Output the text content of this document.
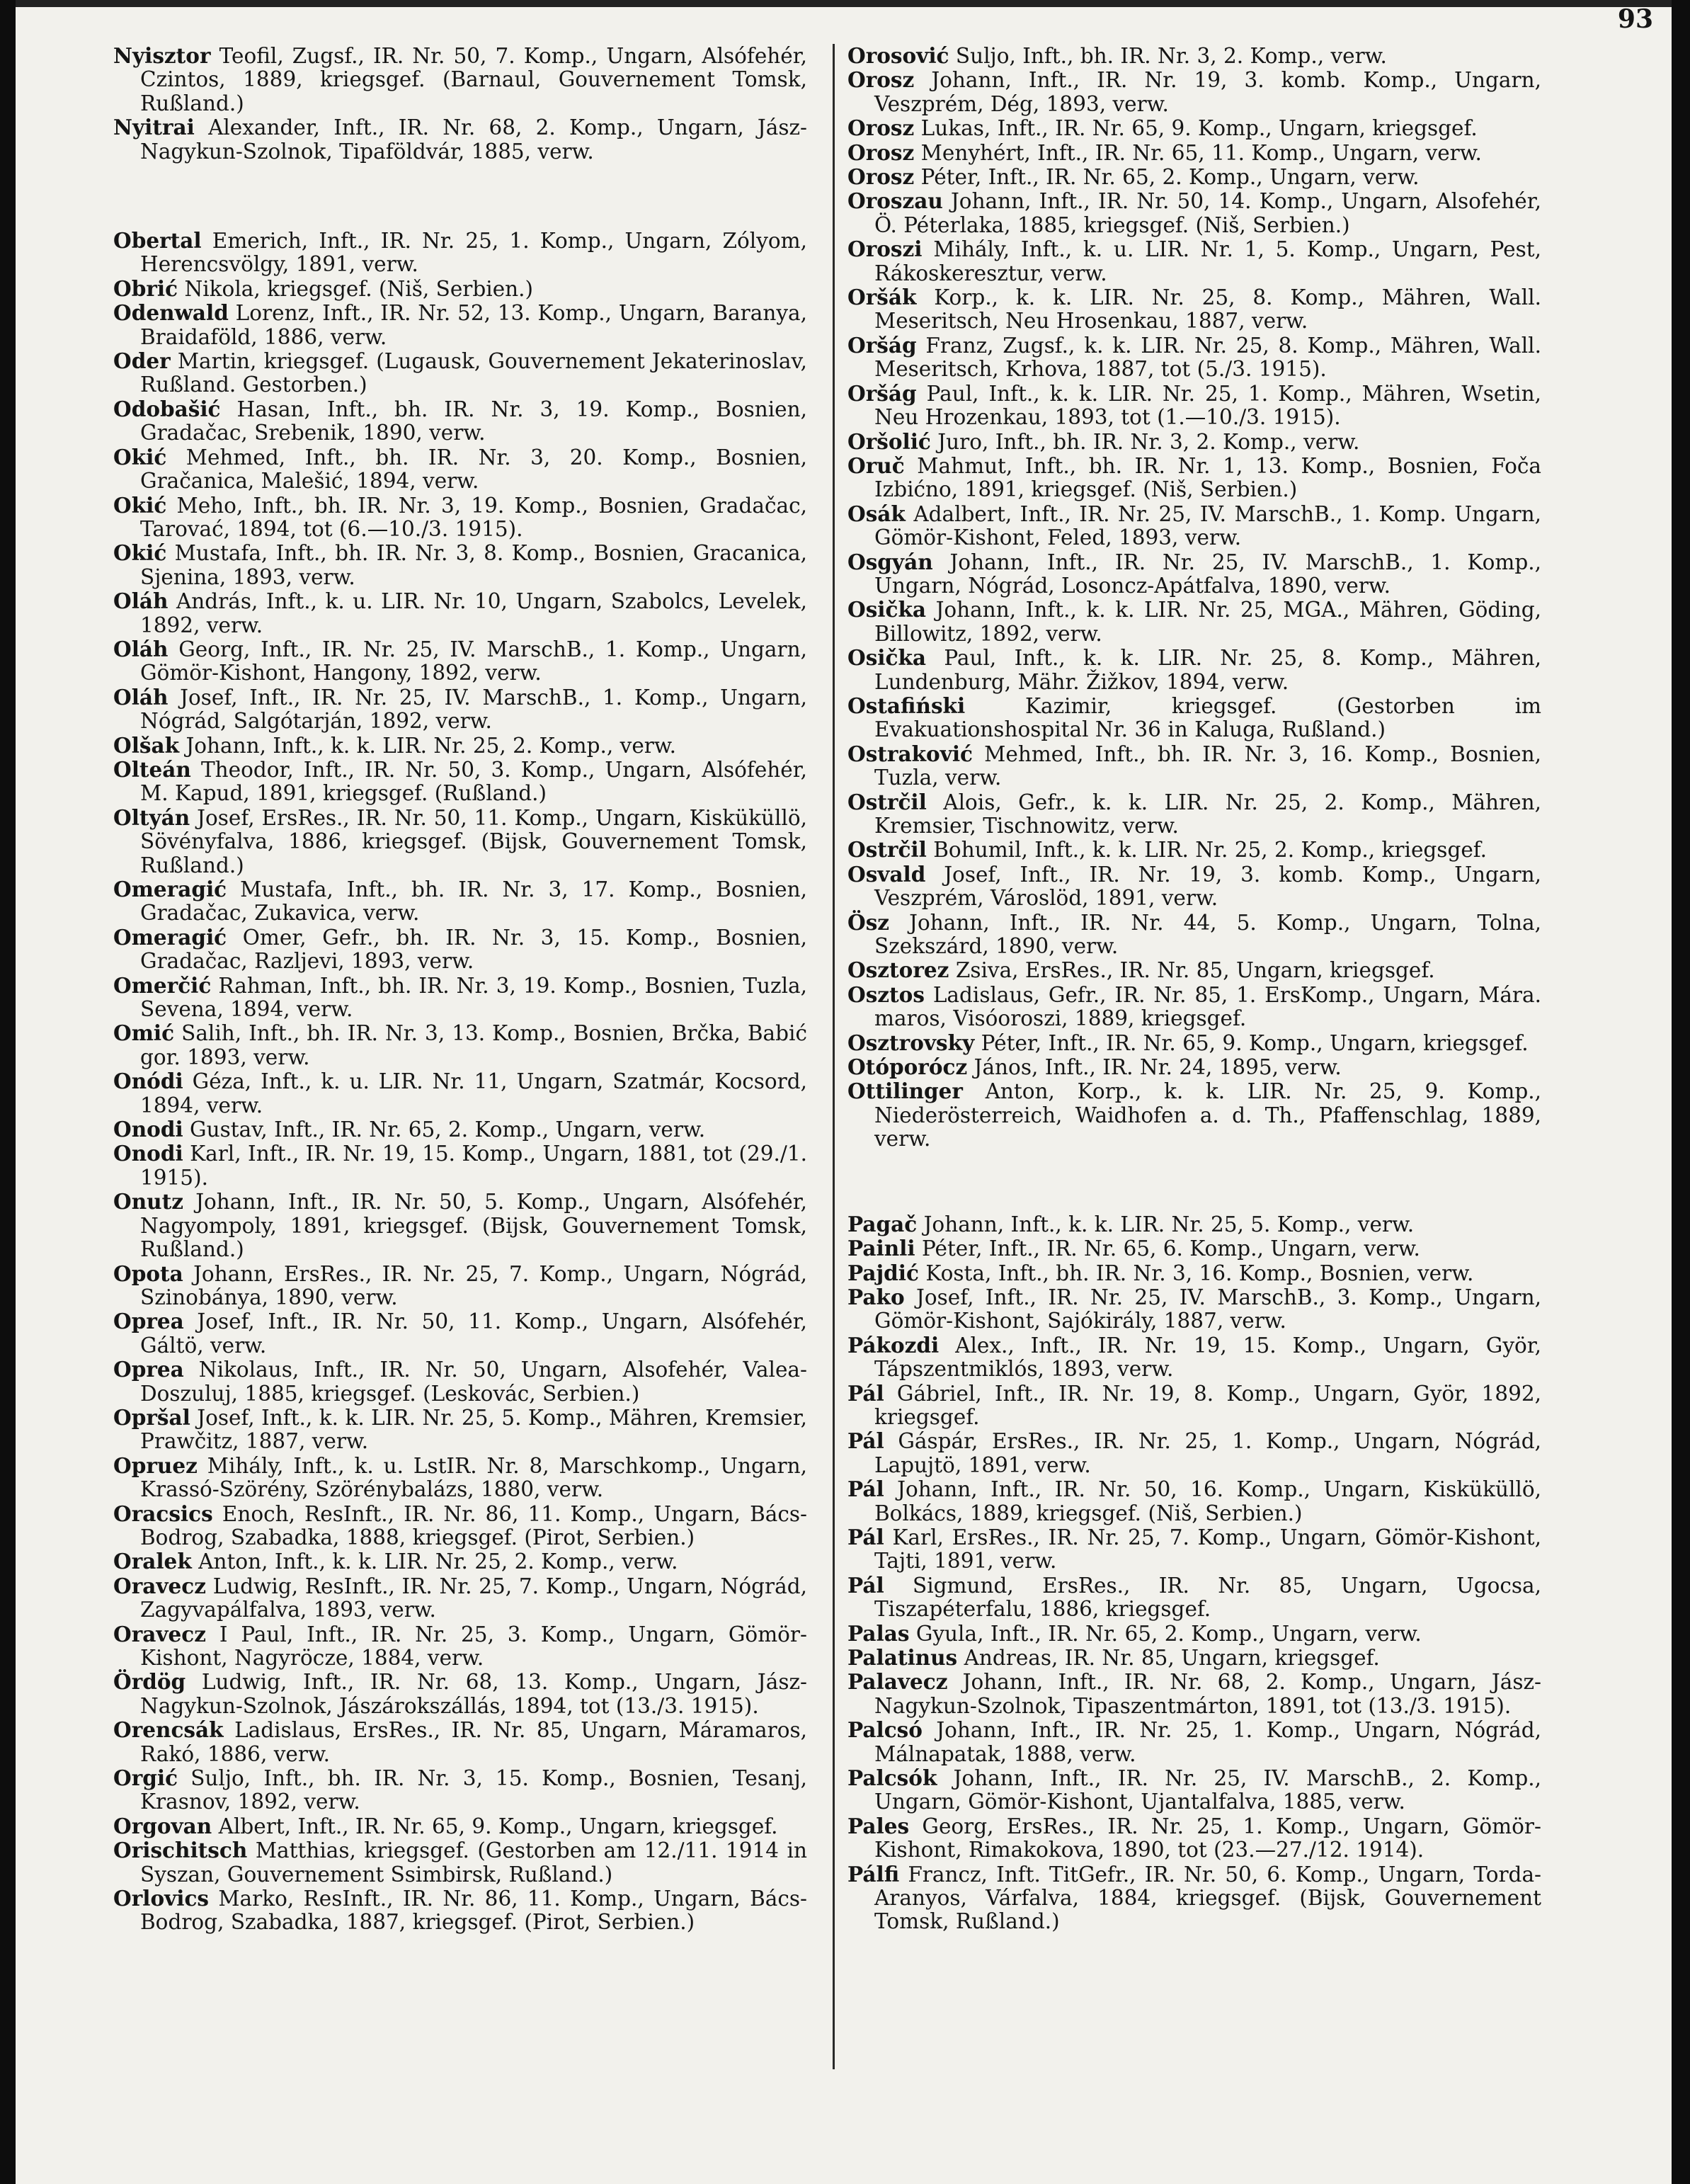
93

Nyisztor Teofil, Zugsf., IR. Nr. 50, 7. Komp., Ungarn, Alsófehér, Czintos, 1889, kriegsgef. (Barnaul, Gouvernement Tomsk, Rußland.)

Nyitrai Alexander, Inft., IR. Nr. 68, 2. Komp., Ungarn, Jász-Nagykun-Szolnok, Tipaföldvár, 1885, verw.

Obertal Emerich, Inft., IR. Nr. 25, 1. Komp., Ungarn, Zólyom, Herencsvölgy, 1891, verw.

Obrić Nikola, kriegsgef. (Niš, Serbien.)

Odenwald Lorenz, Inft., IR. Nr. 52, 13. Komp., Ungarn, Baranya, Braidaföld, 1886, verw.

Oder Martin, kriegsgef. (Lugausk, Gouvernement Jekaterinoslav, Rußland. Gestorben.)

Odobašić Hasan, Inft., bh. IR. Nr. 3, 19. Komp., Bosnien, Gradačac, Srebenik, 1890, verw.

Okić Mehmed, Inft., bh. IR. Nr. 3, 20. Komp., Bosnien, Gračanica, Malešić, 1894, verw.

Okić Meho, Inft., bh. IR. Nr. 3, 19. Komp., Bosnien, Gradačac, Tarovać, 1894, tot (6.—10./3. 1915).

Okić Mustafa, Inft., bh. IR. Nr. 3, 8. Komp., Bosnien, Gracanica, Sjenina, 1893, verw.

Oláh András, Inft., k. u. LIR. Nr. 10, Ungarn, Szabolcs, Levelek, 1892, verw.

Oláh Georg, Inft., IR. Nr. 25, IV. MarschB., 1. Komp., Ungarn, Gömör-Kishont, Hangony, 1892, verw.

Oláh Josef, Inft., IR. Nr. 25, IV. MarschB., 1. Komp., Ungarn, Nógrád, Salgótarján, 1892, verw.

Olšak Johann, Inft., k. k. LIR. Nr. 25, 2. Komp., verw.

Olteán Theodor, Inft., IR. Nr. 50, 3. Komp., Ungarn, Alsófehér, M. Kapud, 1891, kriegsgef. (Rußland.)

Oltyán Josef, ErsRes., IR. Nr. 50, 11. Komp., Ungarn, Kisküküllö, Sövényfalva, 1886, kriegsgef. (Bijsk, Gouvernement Tomsk, Rußland.)

Omeragić Mustafa, Inft., bh. IR. Nr. 3, 17. Komp., Bosnien, Gradačac, Zukavica, verw.

Omeragić Omer, Gefr., bh. IR. Nr. 3, 15. Komp., Bosnien, Gradačac, Razljevi, 1893, verw.

Omerčić Rahman, Inft., bh. IR. Nr. 3, 19. Komp., Bosnien, Tuzla, Sevena, 1894, verw.

Omić Salih, Inft., bh. IR. Nr. 3, 13. Komp., Bosnien, Brčka, Babić gor. 1893, verw.

Onódi Géza, Inft., k. u. LIR. Nr. 11, Ungarn, Szatmár, Kocsord, 1894, verw.

Onodi Gustav, Inft., IR. Nr. 65, 2. Komp., Ungarn, verw.

Onodi Karl, Inft., IR. Nr. 19, 15. Komp., Ungarn, 1881, tot (29./1. 1915).

Onutz Johann, Inft., IR. Nr. 50, 5. Komp., Ungarn, Alsófehér, Nagyompoly, 1891, kriegsgef. (Bijsk, Gouvernement Tomsk, Rußland.)

Opota Johann, ErsRes., IR. Nr. 25, 7. Komp., Ungarn, Nógrád, Szinobánya, 1890, verw.

Oprea Josef, Inft., IR. Nr. 50, 11. Komp., Ungarn, Alsófehér, Gáltö, verw.

Oprea Nikolaus, Inft., IR. Nr. 50, Ungarn, Alsofehér, Valea-Doszuluj, 1885, kriegsgef. (Leskovác, Serbien.)

Opršal Josef, Inft., k. k. LIR. Nr. 25, 5. Komp., Mähren, Kremsier, Prawčitz, 1887, verw.

Opruez Mihály, Inft., k. u. LstIR. Nr. 8, Marschkomp., Ungarn, Krassó-Szörény, Szörénybalázs, 1880, verw.

Oracsics Enoch, ResInft., IR. Nr. 86, 11. Komp., Ungarn, Bács-Bodrog, Szabadka, 1888, kriegsgef. (Pirot, Serbien.)

Oralek Anton, Inft., k. k. LIR. Nr. 25, 2. Komp., verw.

Oravecz Ludwig, ResInft., IR. Nr. 25, 7. Komp., Ungarn, Nógrád, Zagyvapálfalva, 1893, verw.

Oravecz I Paul, Inft., IR. Nr. 25, 3. Komp., Ungarn, Gömör-Kishont, Nagyröcze, 1884, verw.

Ördög Ludwig, Inft., IR. Nr. 68, 13. Komp., Ungarn, Jász-Nagykun-Szolnok, Jászárokszállás, 1894, tot (13./3. 1915).

Orencsák Ladislaus, ErsRes., IR. Nr. 85, Ungarn, Máramaros, Rakó, 1886, verw.

Orgić Suljo, Inft., bh. IR. Nr. 3, 15. Komp., Bosnien, Tesanj, Krasnov, 1892, verw.

Orgovan Albert, Inft., IR. Nr. 65, 9. Komp., Ungarn, kriegsgef.

Orischitsch Matthias, kriegsgef. (Gestorben am 12./11. 1914 in Syszan, Gouvernement Ssimbirsk, Rußland.)

Orlovics Marko, ResInft., IR. Nr. 86, 11. Komp., Ungarn, Bács-Bodrog, Szabadka, 1887, kriegsgef. (Pirot, Serbien.)

Orosović Suljo, Inft., bh. IR. Nr. 3, 2. Komp., verw.

Orosz Johann, Inft., IR. Nr. 19, 3. komb. Komp., Ungarn, Veszprém, Dég, 1893, verw.

Orosz Lukas, Inft., IR. Nr. 65, 9. Komp., Ungarn, kriegsgef.

Orosz Menyhért, Inft., IR. Nr. 65, 11. Komp., Ungarn, verw.

Orosz Péter, Inft., IR. Nr. 65, 2. Komp., Ungarn, verw.

Oroszau Johann, Inft., IR. Nr. 50, 14. Komp., Ungarn, Alsofehér, Ö. Péterlaka, 1885, kriegsgef. (Niš, Serbien.)

Oroszi Mihály, Inft., k. u. LIR. Nr. 1, 5. Komp., Ungarn, Pest, Rákoskeresztur, verw.

Oršák Korp., k. k. LIR. Nr. 25, 8. Komp., Mähren, Wall. Meseritsch, Neu Hrosenkau, 1887, verw.

Oršág Franz, Zugsf., k. k. LIR. Nr. 25, 8. Komp., Mähren, Wall. Meseritsch, Krhova, 1887, tot (5./3. 1915).

Oršág Paul, Inft., k. k. LIR. Nr. 25, 1. Komp., Mähren, Wsetin, Neu Hrozenkau, 1893, tot (1.—10./3. 1915).

Oršolić Juro, Inft., bh. IR. Nr. 3, 2. Komp., verw.

Oruč Mahmut, Inft., bh. IR. Nr. 1, 13. Komp., Bosnien, Foča Izbićno, 1891, kriegsgef. (Niš, Serbien.)

Osák Adalbert, Inft., IR. Nr. 25, IV. MarschB., 1. Komp. Ungarn, Gömör-Kishont, Feled, 1893, verw.

Osgyán Johann, Inft., IR. Nr. 25, IV. MarschB., 1. Komp., Ungarn, Nógrád, Losoncz-Apátfalva, 1890, verw.

Osička Johann, Inft., k. k. LIR. Nr. 25, MGA., Mähren, Göding, Billowitz, 1892, verw.

Osička Paul, Inft., k. k. LIR. Nr. 25, 8. Komp., Mähren, Lundenburg, Mähr. Žižkov, 1894, verw.

Ostafiński	Kazimir, kriegsgef. (Gestorben im Evakuationshospital Nr. 36 in Kaluga, Rußland.)

Ostraković Mehmed, Inft., bh. IR. Nr. 3, 16. Komp., Bosnien, Tuzla, verw.

Ostrčil Alois, Gefr., k. k. LIR. Nr. 25, 2. Komp., Mähren, Kremsier, Tischnowitz, verw.

Ostrčil Bohumil, Inft., k. k. LIR. Nr. 25, 2. Komp., kriegsgef.

Osvald Josef, Inft., IR. Nr. 19, 3. komb. Komp., Ungarn, Veszprém, Városlöd, 1891, verw.

Ösz Johann, Inft., IR. Nr. 44, 5. Komp., Ungarn, Tolna, Szekszárd, 1890, verw.

Osztorez Zsiva, ErsRes., IR. Nr. 85, Ungarn, kriegsgef.

Osztos Ladislaus, Gefr., IR. Nr. 85, 1. ErsKomp., Ungarn, Mára. maros, Visóoroszi, 1889, kriegsgef.

Osztrovsky Péter, Inft., IR. Nr. 65, 9. Komp., Ungarn, kriegsgef.

Otóporócz János, Inft., IR. Nr. 24, 1895, verw.

Ottilinger Anton, Korp., k. k. LIR. Nr. 25, 9. Komp., Niederösterreich, Waidhofen a. d. Th., Pfaffenschlag, 1889, verw.

Pagač Johann, Inft., k. k. LIR. Nr. 25, 5. Komp., verw.

Painli Péter, Inft., IR. Nr. 65, 6. Komp., Ungarn, verw.

Pajdić Kosta, Inft., bh. IR. Nr. 3, 16. Komp., Bosnien, verw.

Pako Josef, Inft., IR. Nr. 25, IV. MarschB., 3. Komp., Ungarn, Gömör-Kishont, Sajókirály, 1887, verw.

Pákozdi Alex., Inft., IR. Nr. 19, 15. Komp., Ungarn, Györ, Tápszentmiklós, 1893, verw.

Pál Gábriel, Inft., IR. Nr. 19, 8. Komp., Ungarn, Györ, 1892, kriegsgef.

Pál Gáspár, ErsRes., IR. Nr. 25, 1. Komp., Ungarn, Nógrád, Lapujtö, 1891, verw.

Pál Johann, Inft., IR. Nr. 50, 16. Komp., Ungarn, Kisküküllö, Bolkács, 1889, kriegsgef. (Niš, Serbien.)

Pál Karl, ErsRes., IR. Nr. 25, 7. Komp., Ungarn, Gömör-Kishont, Tajti, 1891, verw.

Pál Sigmund, ErsRes., IR. Nr. 85, Ungarn, Ugocsa, Tiszapéterfalu, 1886, kriegsgef.

Palas Gyula, Inft., IR. Nr. 65, 2. Komp., Ungarn, verw.

Palatinus Andreas, IR. Nr. 85, Ungarn, kriegsgef.

Palavecz Johann, Inft., IR. Nr. 68, 2. Komp., Ungarn, Jász-Nagykun-Szolnok, Tipaszentmárton, 1891, tot (13./3. 1915).

Palcsó Johann, Inft., IR. Nr. 25, 1. Komp., Ungarn, Nógrád, Málnapatak, 1888, verw.

Palcsók Johann, Inft., IR. Nr. 25, IV. MarschB., 2. Komp., Ungarn, Gömör-Kishont, Ujantalfalva, 1885, verw.

Pales Georg, ErsRes., IR. Nr. 25, 1. Komp., Ungarn, Gömör-Kishont, Rimakokova, 1890, tot (23.—27./12. 1914).

Pálfi Francz, Inft. TitGefr., IR. Nr. 50, 6. Komp., Ungarn, Torda-Aranyos, Várfalva, 1884, kriegsgef. (Bijsk, Gouvernement Tomsk, Rußland.)
